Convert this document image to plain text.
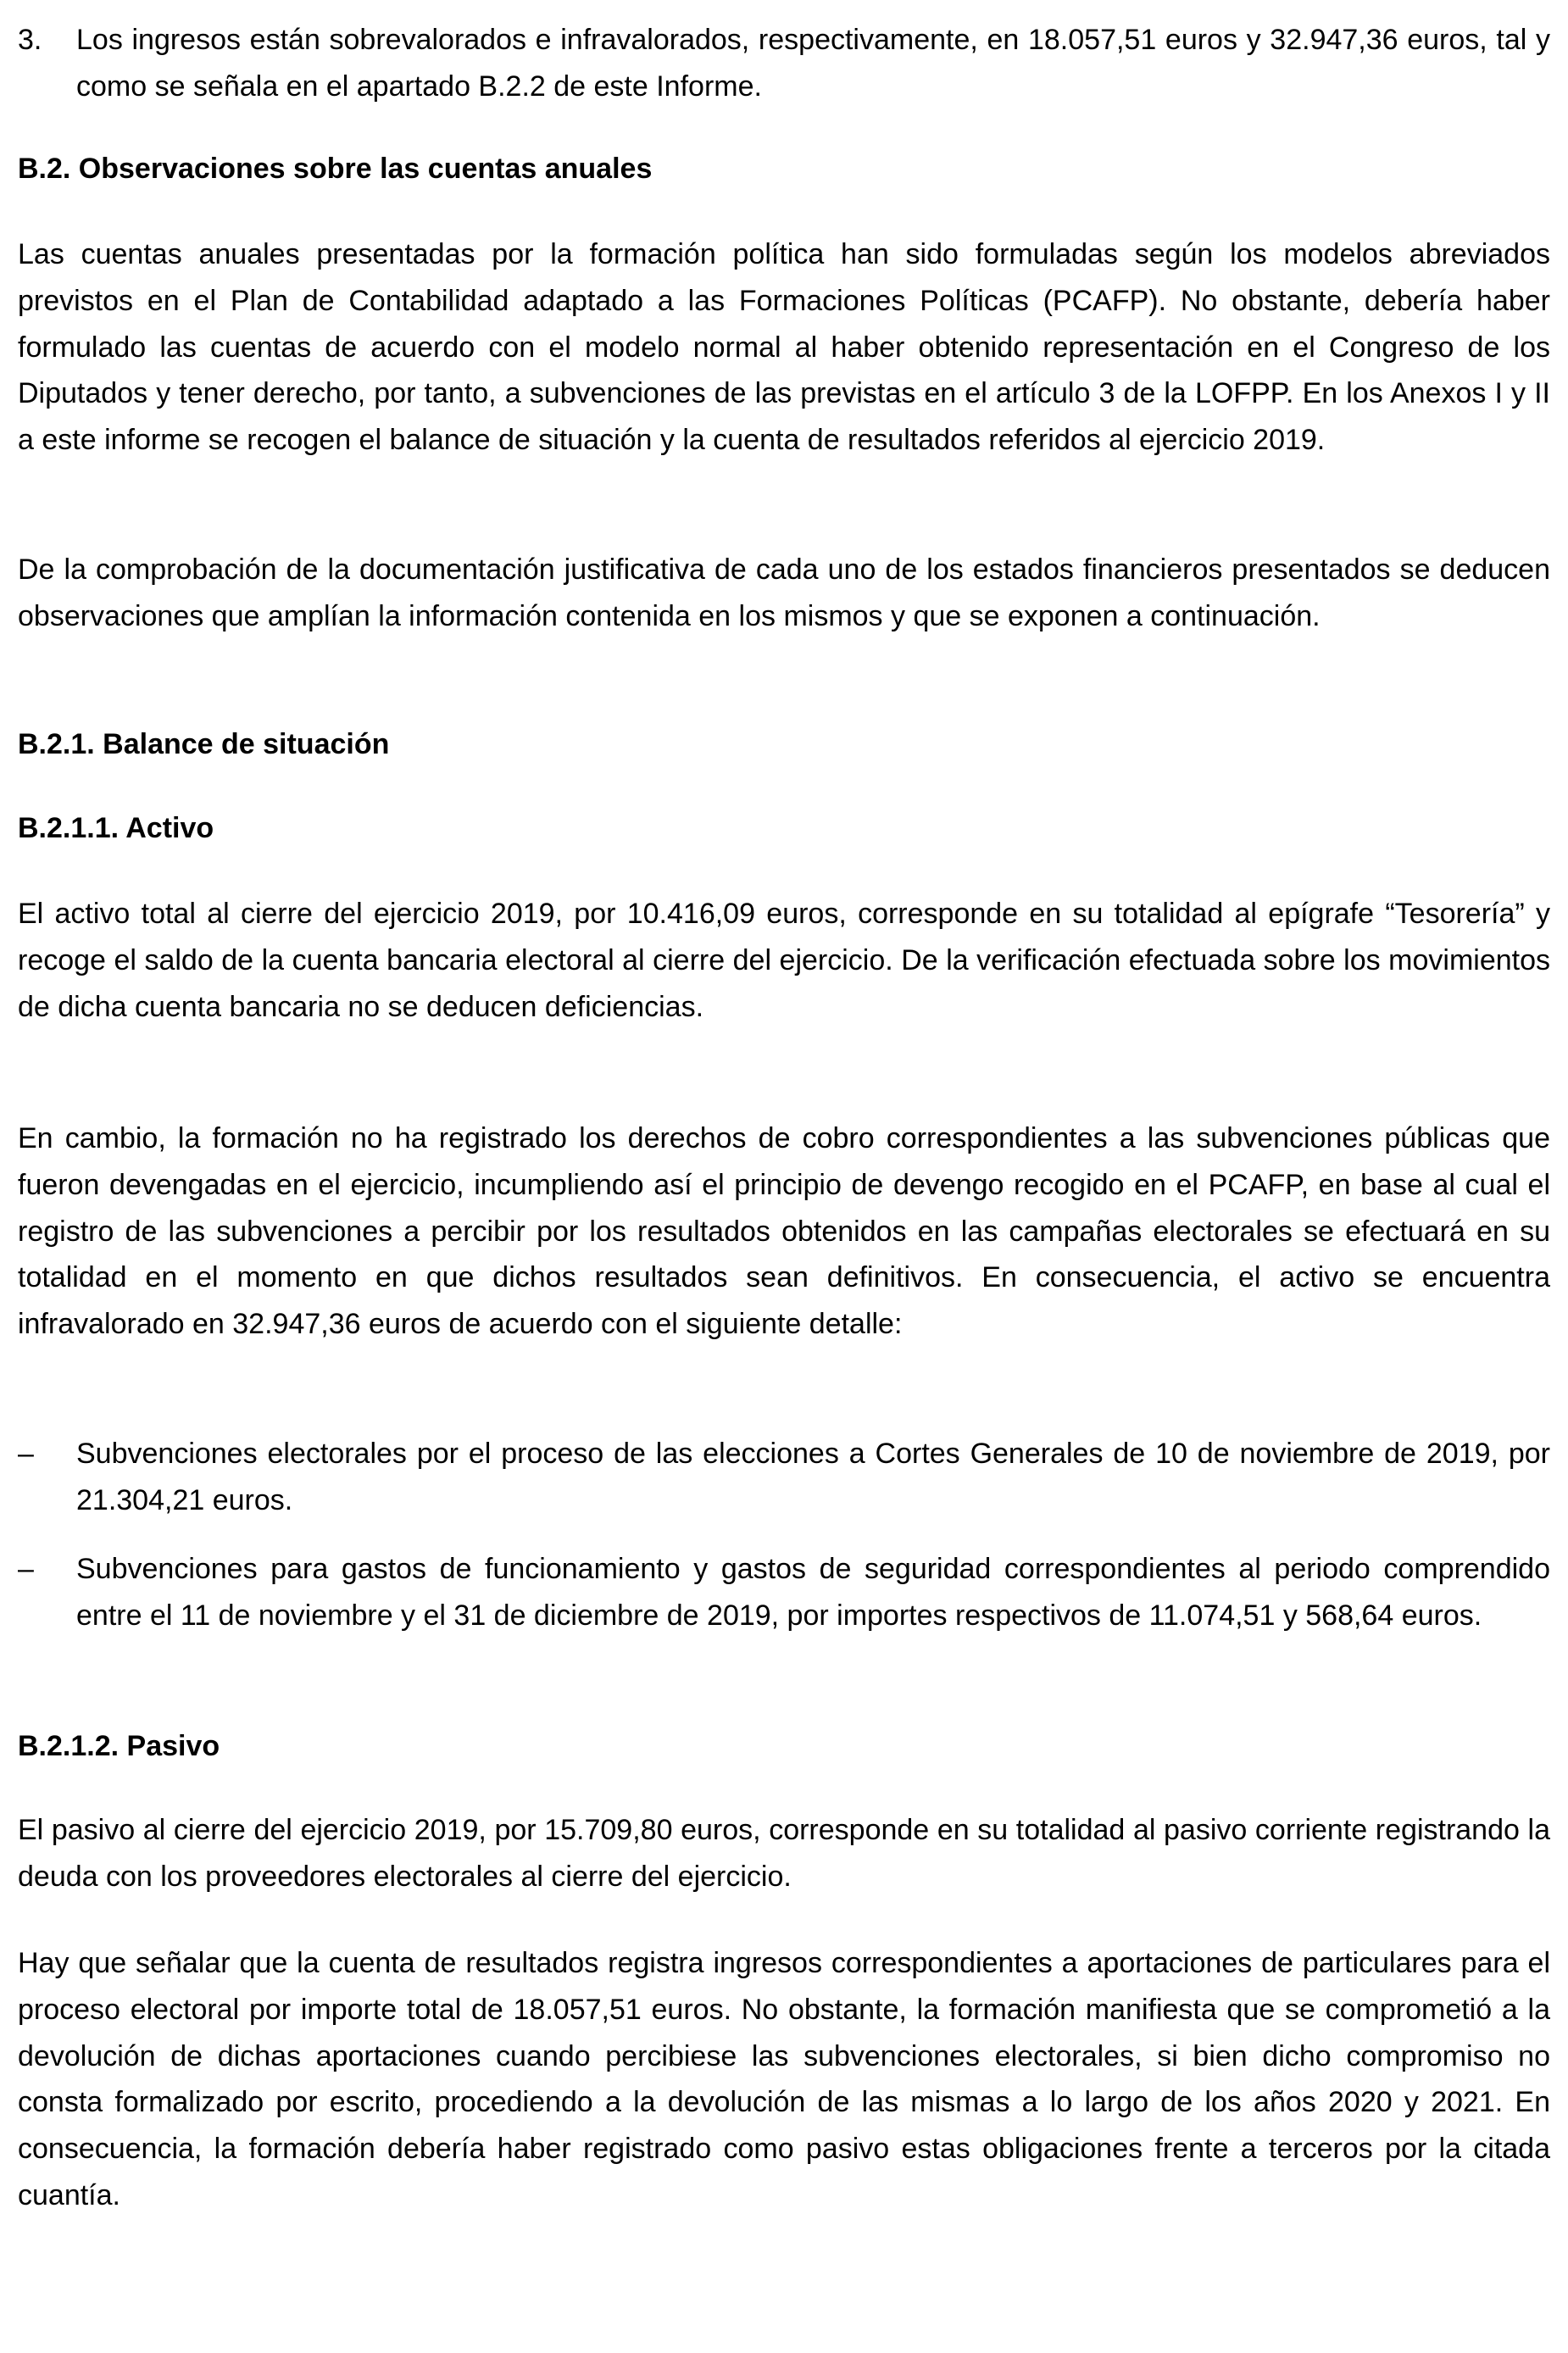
3. Los ingresos están sobrevalorados e infravalorados, respectivamente, en 18.057,51 euros y 32.947,36 euros, tal y como se señala en el apartado B.2.2 de este Informe.
B.2. Observaciones sobre las cuentas anuales

Las cuentas anuales presentadas por la formación política han sido formuladas según los modelos abreviados previstos en el Plan de Contabilidad adaptado a las Formaciones Políticas (PCAFP). No obstante, debería haber formulado las cuentas de acuerdo con el modelo normal al haber obtenido representación en el Congreso de los Diputados y tener derecho, por tanto, a subvenciones de las previstas en el artículo 3 de la LOFPP. En los Anexos I y II a este informe se recogen el balance de situación y la cuenta de resultados referidos al ejercicio 2019.

De la comprobación de la documentación justificativa de cada uno de los estados financieros presentados se deducen observaciones que amplían la información contenida en los mismos y que se exponen a continuación.

B.2.1. Balance de situación
B.2.1.1. Activo

El activo total al cierre del ejercicio 2019, por 10.416,09 euros, corresponde en su totalidad al epígrafe “Tesorería” y recoge el saldo de la cuenta bancaria electoral al cierre del ejercicio. De la verificación efectuada sobre los movimientos de dicha cuenta bancaria no se deducen deficiencias.

En cambio, la formación no ha registrado los derechos de cobro correspondientes a las subvenciones públicas que fueron devengadas en el ejercicio, incumpliendo así el principio de devengo recogido en el PCAFP, en base al cual el registro de las subvenciones a percibir por los resultados obtenidos en las campañas electorales se efectuará en su totalidad en el momento en que dichos resultados sean definitivos. En consecuencia, el activo se encuentra infravalorado en 32.947,36 euros de acuerdo con el siguiente detalle:

– Subvenciones electorales por el proceso de las elecciones a Cortes Generales de 10 de noviembre de 2019, por 21.304,21 euros.
– Subvenciones para gastos de funcionamiento y gastos de seguridad correspondientes al periodo comprendido entre el 11 de noviembre y el 31 de diciembre de 2019, por importes respectivos de 11.074,51 y 568,64 euros.
B.2.1.2. Pasivo

El pasivo al cierre del ejercicio 2019, por 15.709,80 euros, corresponde en su totalidad al pasivo corriente registrando la deuda con los proveedores electorales al cierre del ejercicio.

Hay que señalar que la cuenta de resultados registra ingresos correspondientes a aportaciones de particulares para el proceso electoral por importe total de 18.057,51 euros. No obstante, la formación manifiesta que se comprometió a la devolución de dichas aportaciones cuando percibiese las subvenciones electorales, si bien dicho compromiso no consta formalizado por escrito, procediendo a la devolución de las mismas a lo largo de los años 2020 y 2021. En consecuencia, la formación debería haber registrado como pasivo estas obligaciones frente a terceros por la citada cuantía.
